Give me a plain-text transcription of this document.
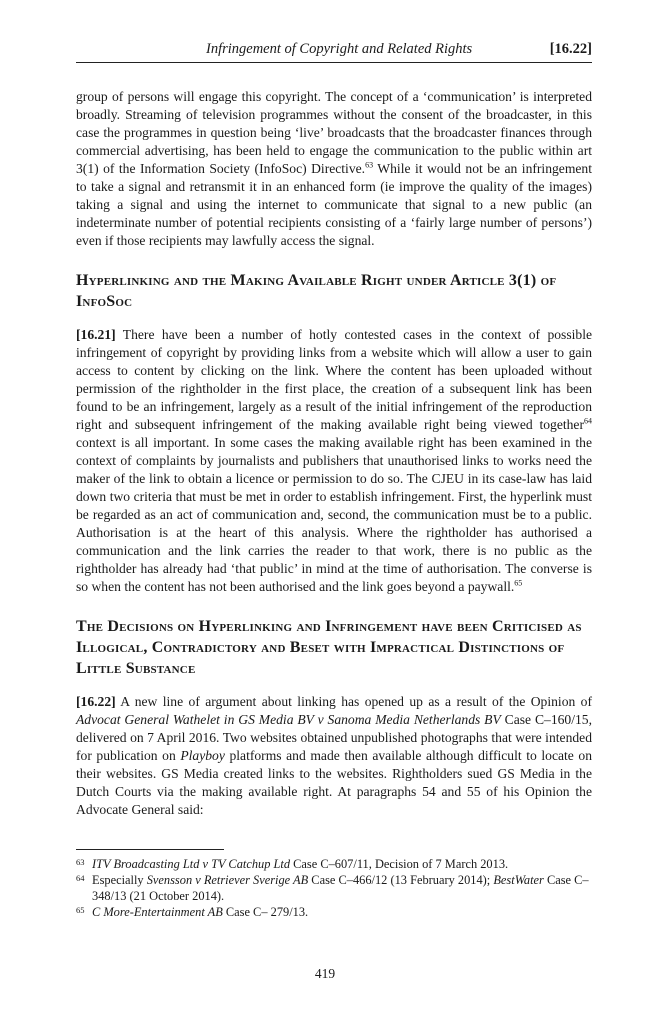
Infringement of Copyright and Related Rights	[16.22]

group of persons will engage this copyright. The concept of a ‘communication’ is interpreted broadly. Streaming of television programmes without the consent of the broadcaster, in this case the programmes in question being ‘live’ broadcasts that the broadcaster finances through commercial advertising, has been held to engage the communication to the public within art 3(1) of the Information Society (InfoSoc) Directive.$^{63}$ While it would not be an infringement to take a signal and retransmit it in an enhanced form (ie improve the quality of the images) taking a signal and using the internet to communicate that signal to a new public (an indeterminate number of potential recipients consisting of a ‘fairly large number of persons’) even if those recipients may lawfully access the signal.

Hyperlinking and the Making Available Right under Article 3(1) of InfoSoc

[16.21] There have been a number of hotly contested cases in the context of possible infringement of copyright by providing links from a website which will allow a user to gain access to content by clicking on the link. Where the content has been uploaded without permission of the rightholder in the first place, the creation of a subsequent link has been found to be an infringement, largely as a result of the initial infringement of the reproduction right and subsequent infringement of the making available right being viewed together$^{64}$ context is all important. In some cases the making available right has been examined in the context of complaints by journalists and publishers that unauthorised links to works need the maker of the link to obtain a licence or permission to do so. The CJEU in its case-law has laid down two criteria that must be met in order to establish infringement. First, the hyperlink must be regarded as an act of communication and, second, the communication must be to a public. Authorisation is at the heart of this analysis. Where the rightholder has authorised a communication and the link carries the reader to that work, there is no public as the rightholder has already had ‘that public’ in mind at the time of authorisation. The converse is so when the content has not been authorised and the link goes beyond a paywall.$^{65}$

The Decisions on Hyperlinking and Infringement have been Criticised as Illogical, Contradictory and Beset with Impractical Distinctions of Little Substance

[16.22] A new line of argument about linking has opened up as a result of the Opinion of Advocat General Wathelet in GS Media BV v Sanoma Media Netherlands BV Case C–160/15, delivered on 7 April 2016. Two websites obtained unpublished photographs that were intended for publication on Playboy platforms and made then available although difficult to locate on their websites. GS Media created links to the websites. Rightholders sued GS Media in the Dutch Courts via the making available right. At paragraphs 54 and 55 of his Opinion the Advocate General said:

63 ITV Broadcasting Ltd v TV Catchup Ltd Case C–607/11, Decision of 7 March 2013.
64 Especially Svensson v Retriever Sverige AB Case C–466/12 (13 February 2014); BestWater Case C–348/13 (21 October 2014).
65 C More-Entertainment AB Case C– 279/13.
419
